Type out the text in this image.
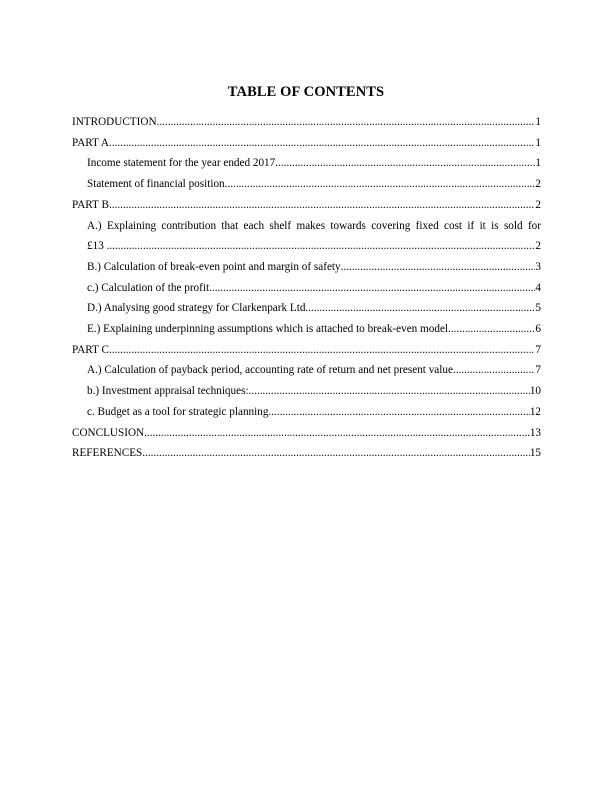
TABLE OF CONTENTS
INTRODUCTION .....	1
PART A .....	1
Income statement for the year ended 2017 .....	1
Statement of financial position .....	2
PART B .....	2
A.) Explaining contribution that each shelf makes towards covering fixed cost if it is sold for
£13 .....	2
B.) Calculation of break-even point and margin of safety .....	3
c.) Calculation of the profit .....	4
D.) Analysing good strategy for Clarkenpark Ltd .....	5
E.) Explaining underpinning assumptions which is attached to break-even model .....	6
PART C .....	7
A.) Calculation of payback period, accounting rate of return and net present value .....	7
b.) Investment appraisal techniques: .....	10
c. Budget as a tool for strategic planning .....	12
CONCLUSION .....	13
REFERENCES .....	15
